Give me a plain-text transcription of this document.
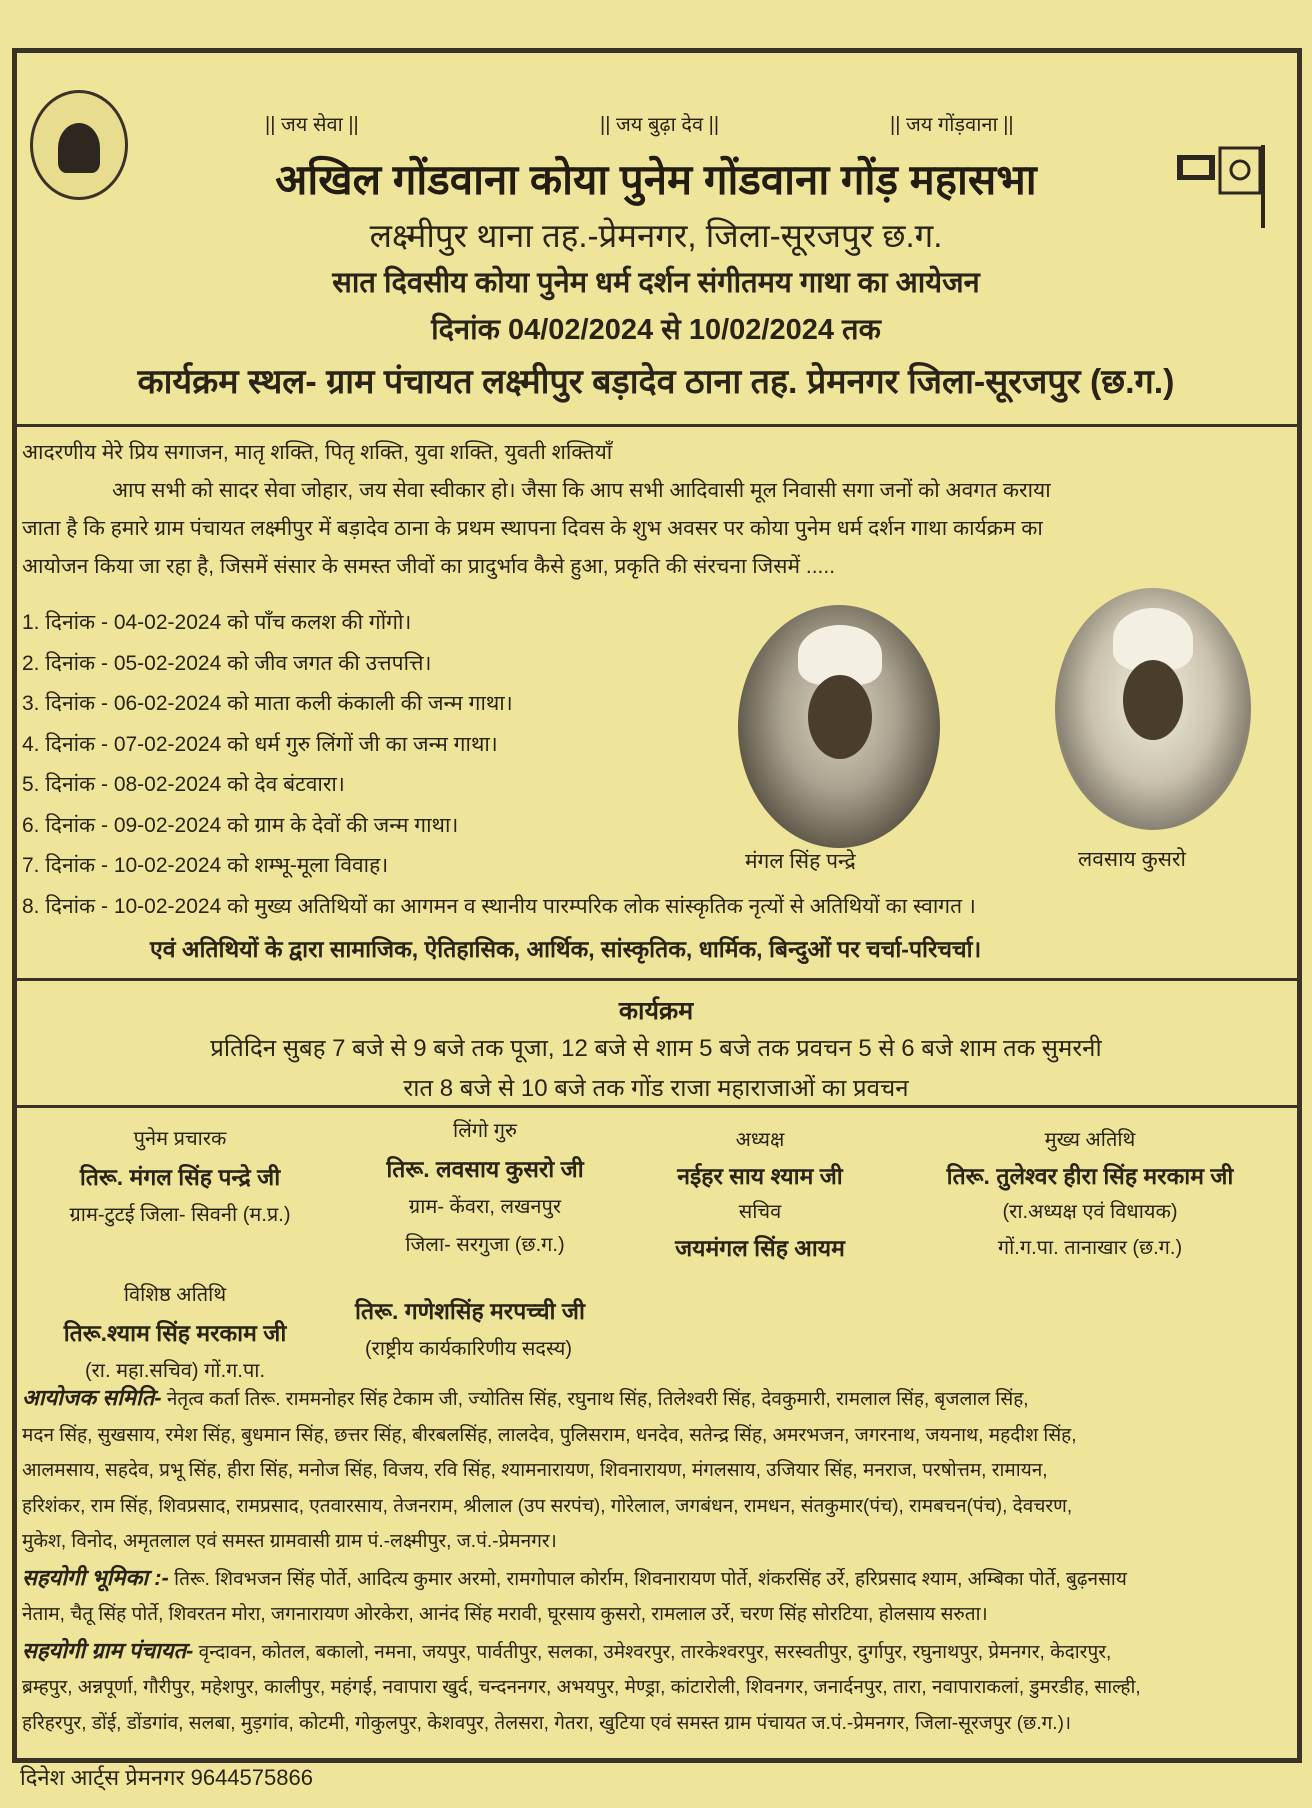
|| जय सेवा ||	|| जय बुढ़ा देव ||	|| जय गोंड़वाना ||
अखिल गोंडवाना कोया पुनेम गोंडवाना गोंड़ महासभा
लक्ष्मीपुर थाना तह.-प्रेमनगर, जिला-सूरजपुर छ.ग.
सात दिवसीय कोया पुनेम धर्म दर्शन संगीतमय गाथा का आयेजन
दिनांक 04/02/2024 से 10/02/2024 तक
कार्यक्रम स्थल- ग्राम पंचायत लक्ष्मीपुर बड़ादेव ठाना तह. प्रेमनगर जिला-सूरजपुर (छ.ग.)
आदरणीय मेरे प्रिय सगाजन, मातृ शक्ति, पितृ शक्ति, युवा शक्ति, युवती शक्तियाँ
आप सभी को सादर सेवा जोहार, जय सेवा स्वीकार हो। जैसा कि आप सभी आदिवासी मूल निवासी सगा जनों को अवगत कराया
जाता है कि हमारे ग्राम पंचायत लक्ष्मीपुर में बड़ादेव ठाना के प्रथम स्थापना दिवस के शुभ अवसर पर कोया पुनेम धर्म दर्शन गाथा कार्यक्रम का
आयोजन किया जा रहा है, जिसमें संसार के समस्त जीवों का प्रादुर्भाव कैसे हुआ, प्रकृति की संरचना जिसमें .....
1. दिनांक - 04-02-2024 को पाँच कलश की गोंगो।
2. दिनांक - 05-02-2024 को जीव जगत की उत्तपत्ति।
3. दिनांक - 06-02-2024 को माता कली कंकाली की जन्म गाथा।
4. दिनांक - 07-02-2024 को धर्म गुरु लिंगों जी का जन्म गाथा।
5. दिनांक - 08-02-2024 को देव बंटवारा।
6. दिनांक - 09-02-2024 को ग्राम के देवों की जन्म गाथा।
7. दिनांक - 10-02-2024 को शम्भू-मूला विवाह।
8. दिनांक - 10-02-2024 को मुख्य अतिथियों का आगमन व स्थानीय पारम्परिक लोक सांस्कृतिक नृत्यों से अतिथियों का स्वागत ।
मंगल सिंह पन्द्रे	लवसाय कुसरो
एवं अतिथियों के द्वारा सामाजिक, ऐतिहासिक, आर्थिक, सांस्कृतिक, धार्मिक, बिन्दुओं पर चर्चा-परिचर्चा।
कार्यक्रम
प्रतिदिन सुबह 7 बजे से 9 बजे तक पूजा, 12 बजे से शाम 5 बजे तक प्रवचन 5 से 6 बजे शाम तक सुमरनी
रात 8 बजे से 10 बजे तक गोंड राजा महाराजाओं का प्रवचन
पुनेम प्रचारक
तिरू. मंगल सिंह पन्द्रे जी
ग्राम-टुटई जिला- सिवनी (म.प्र.)
लिंगो गुरु
तिरू. लवसाय कुसरो जी
ग्राम- केंवरा, लखनपुर
जिला- सरगुजा (छ.ग.)
अध्यक्ष
नईहर साय श्याम जी
सचिव
जयमंगल सिंह आयम
मुख्य अतिथि
तिरू. तुलेश्वर हीरा सिंह मरकाम जी
(रा.अध्यक्ष एवं विधायक)
गों.ग.पा. तानाखार (छ.ग.)
विशिष्ठ अतिथि
तिरू.श्याम सिंह मरकाम जी
(रा. महा.सचिव) गों.ग.पा.
तिरू. गणेशसिंह मरपच्ची जी
(राष्ट्रीय कार्यकारिणीय सदस्य)
आयोजक समिति- नेतृत्व कर्ता तिरू. राममनोहर सिंह टेकाम जी, ज्योतिस सिंह, रघुनाथ सिंह, तिलेश्वरी सिंह, देवकुमारी, रामलाल सिंह, बृजलाल सिंह,
मदन सिंह, सुखसाय, रमेश सिंह, बुधमान सिंह, छत्तर सिंह, बीरबलसिंह, लालदेव, पुलिसराम, धनदेव, सतेन्द्र सिंह, अमरभजन, जगरनाथ, जयनाथ, महदीश सिंह,
आलमसाय, सहदेव, प्रभू सिंह, हीरा सिंह, मनोज सिंह, विजय, रवि सिंह, श्यामनारायण, शिवनारायण, मंगलसाय, उजियार सिंह, मनराज, परषोत्तम, रामायन,
हरिशंकर, राम सिंह, शिवप्रसाद, रामप्रसाद, एतवारसाय, तेजनराम, श्रीलाल (उप सरपंच), गोरेलाल, जगबंधन, रामधन, संतकुमार(पंच), रामबचन(पंच), देवचरण,
मुकेश, विनोद, अमृतलाल एवं समस्त ग्रामवासी ग्राम पं.-लक्ष्मीपुर, ज.पं.-प्रेमनगर।
सहयोगी भूमिका :- तिरू. शिवभजन सिंह पोर्ते, आदित्य कुमार अरमो, रामगोपाल कोर्राम, शिवनारायण पोर्ते, शंकरसिंह उर्रे, हरिप्रसाद श्याम, अम्बिका पोर्ते, बुढ़नसाय
नेताम, चैतू सिंह पोर्ते, शिवरतन मोरा, जगनारायण ओरकेरा, आनंद सिंह मरावी, घूरसाय कुसरो, रामलाल उर्रे, चरण सिंह सोरटिया, होलसाय सरुता।
सहयोगी ग्राम पंचायत- वृन्दावन, कोतल, बकालो, नमना, जयपुर, पार्वतीपुर, सलका, उमेश्वरपुर, तारकेश्वरपुर, सरस्वतीपुर, दुर्गापुर, रघुनाथपुर, प्रेमनगर, केदारपुर,
ब्रम्हपुर, अन्नपूर्णा, गौरीपुर, महेशपुर, कालीपुर, महंगई, नवापारा खुर्द, चन्दननगर, अभयपुर, मेण्ड्रा, कांटारोली, शिवनगर, जनार्दनपुर, तारा, नवापाराकलां, डुमरडीह, साल्ही,
हरिहरपुर, डोंई, डोंडगांव, सलबा, मुड़गांव, कोटमी, गोकुलपुर, केशवपुर, तेलसरा, गेतरा, खुटिया एवं समस्त ग्राम पंचायत ज.पं.-प्रेमनगर, जिला-सूरजपुर (छ.ग.)।
दिनेश आर्ट्स प्रेमनगर 9644575866
